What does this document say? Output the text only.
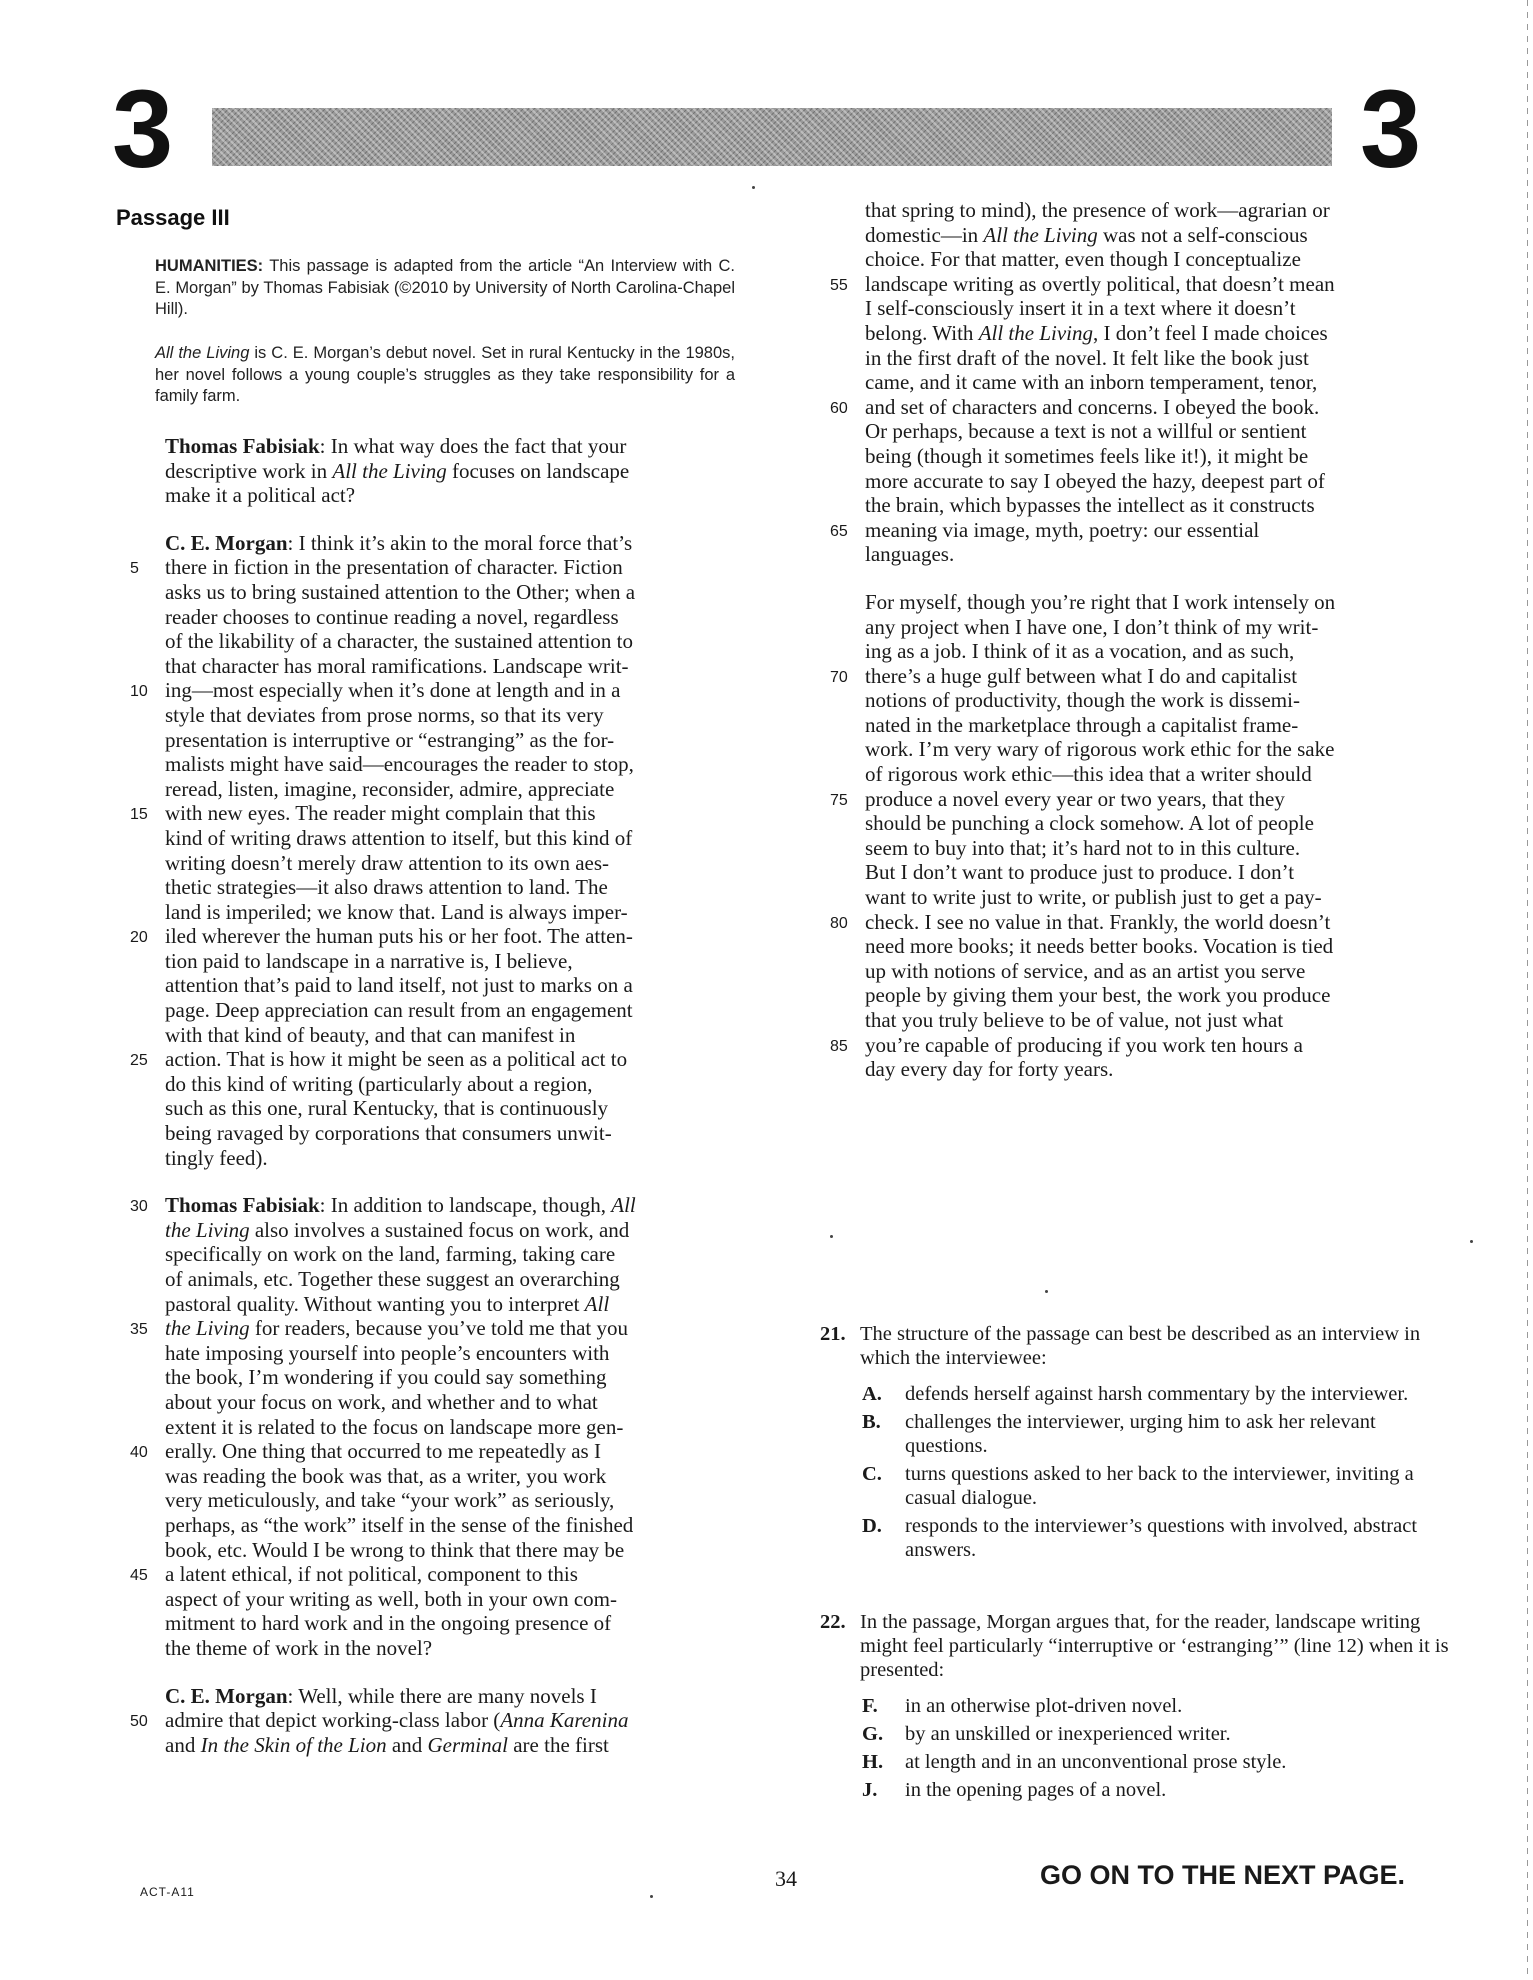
3	3
Passage III
HUMANITIES: This passage is adapted from the article “An Interview with C. E. Morgan” by Thomas Fabisiak (©2010 by University of North Carolina-Chapel Hill).
All the Living is C. E. Morgan’s debut novel. Set in rural Kentucky in the 1980s, her novel follows a young couple’s struggles as they take responsibility for a family farm.
Thomas Fabisiak: In what way does the fact that your
descriptive work in All the Living focuses on landscape
make it a political act?
C. E. Morgan: I think it’s akin to the moral force that’s
5	there in fiction in the presentation of character. Fiction
asks us to bring sustained attention to the Other; when a
reader chooses to continue reading a novel, regardless
of the likability of a character, the sustained attention to
that character has moral ramifications. Landscape writ-
10 ing—most especially when it’s done at length and in a
style that deviates from prose norms, so that its very
presentation is interruptive or “estranging” as the for-
malists might have said—encourages the reader to stop,
reread, listen, imagine, reconsider, admire, appreciate
15 with new eyes. The reader might complain that this
kind of writing draws attention to itself, but this kind of
writing doesn’t merely draw attention to its own aes-
thetic strategies—it also draws attention to land. The
land is imperiled; we know that. Land is always imper-
20 iled wherever the human puts his or her foot. The atten-
tion paid to landscape in a narrative is, I believe,
attention that’s paid to land itself, not just to marks on a
page. Deep appreciation can result from an engagement
with that kind of beauty, and that can manifest in
25 action. That is how it might be seen as a political act to
do this kind of writing (particularly about a region,
such as this one, rural Kentucky, that is continuously
being ravaged by corporations that consumers unwit-
tingly feed).
30 Thomas Fabisiak: In addition to landscape, though, All
the Living also involves a sustained focus on work, and
specifically on work on the land, farming, taking care
of animals, etc. Together these suggest an overarching
pastoral quality. Without wanting you to interpret All
35 the Living for readers, because you’ve told me that you
hate imposing yourself into people’s encounters with
the book, I’m wondering if you could say something
about your focus on work, and whether and to what
extent it is related to the focus on landscape more gen-
40 erally. One thing that occurred to me repeatedly as I
was reading the book was that, as a writer, you work
very meticulously, and take “your work” as seriously,
perhaps, as “the work” itself in the sense of the finished
book, etc. Would I be wrong to think that there may be
45 a latent ethical, if not political, component to this
aspect of your writing as well, both in your own com-
mitment to hard work and in the ongoing presence of
the theme of work in the novel?
C. E. Morgan: Well, while there are many novels I
50 admire that depict working-class labor (Anna Karenina
and In the Skin of the Lion and Germinal are the first
that spring to mind), the presence of work—agrarian or
domestic—in All the Living was not a self-conscious
choice. For that matter, even though I conceptualize
55 landscape writing as overtly political, that doesn’t mean
I self-consciously insert it in a text where it doesn’t
belong. With All the Living, I don’t feel I made choices
in the first draft of the novel. It felt like the book just
came, and it came with an inborn temperament, tenor,
60 and set of characters and concerns. I obeyed the book.
Or perhaps, because a text is not a willful or sentient
being (though it sometimes feels like it!), it might be
more accurate to say I obeyed the hazy, deepest part of
the brain, which bypasses the intellect as it constructs
65 meaning via image, myth, poetry: our essential
languages.
For myself, though you’re right that I work intensely on
any project when I have one, I don’t think of my writ-
ing as a job. I think of it as a vocation, and as such,
70 there’s a huge gulf between what I do and capitalist
notions of productivity, though the work is dissemi-
nated in the marketplace through a capitalist frame-
work. I’m very wary of rigorous work ethic for the sake
of rigorous work ethic—this idea that a writer should
75 produce a novel every year or two years, that they
should be punching a clock somehow. A lot of people
seem to buy into that; it’s hard not to in this culture.
But I don’t want to produce just to produce. I don’t
want to write just to write, or publish just to get a pay-
80 check. I see no value in that. Frankly, the world doesn’t
need more books; it needs better books. Vocation is tied
up with notions of service, and as an artist you serve
people by giving them your best, the work you produce
that you truly believe to be of value, not just what
85 you’re capable of producing if you work ten hours a
day every day for forty years.
21. The structure of the passage can best be described as an interview in which the interviewee:
A. defends herself against harsh commentary by the interviewer.
B. challenges the interviewer, urging him to ask her relevant questions.
C. turns questions asked to her back to the interviewer, inviting a casual dialogue.
D. responds to the interviewer’s questions with involved, abstract answers.
22. In the passage, Morgan argues that, for the reader, landscape writing might feel particularly “interruptive or ‘estranging’” (line 12) when it is presented:
F. in an otherwise plot-driven novel.
G. by an unskilled or inexperienced writer.
H. at length and in an unconventional prose style.
J. in the opening pages of a novel.
ACT-A11
34	GO ON TO THE NEXT PAGE.
